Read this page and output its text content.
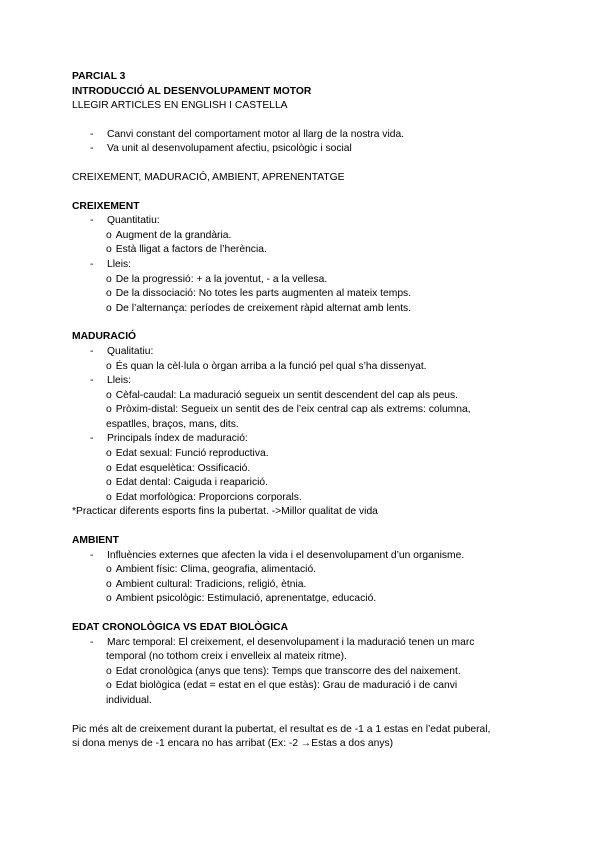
PARCIAL 3
INTRODUCCIÓ AL DESENVOLUPAMENT MOTOR
LLEGIR ARTICLES EN ENGLISH I CASTELLA
- Canvi constant del comportament motor al llarg de la nostra vida.
- Va unit al desenvolupament afectiu, psicològic i social
CREIXEMENT, MADURACIÓ, AMBIENT, APRENENTATGE
CREIXEMENT
- Quantitatiu:
o Augment de la grandària.
o Està lligat a factors de l’herència.
- Lleis:
o De la progressió: + a la joventut, - a la vellesa.
o De la dissociació: No totes les parts augmenten al mateix temps.
o De l’alternança: períodes de creixement ràpid alternat amb lents.
MADURACIÓ
- Qualitatiu:
o És quan la cèl·lula o òrgan arriba a la funció pel qual s’ha dissenyat.
- Lleis:
o Cèfal-caudal: La maduració segueix un sentit descendent del cap als peus.
o Pròxim-distal: Segueix un sentit des de l’eix central cap als extrems: columna,
espatlles, braços, mans, dits.
- Principals índex de maduració:
o Edat sexual: Funció reproductiva.
o Edat esquelètica: Ossificació.
o Edat dental: Caiguda i reaparició.
o Edat morfològica: Proporcions corporals.
*Practicar diferents esports fins la pubertat. ->Millor qualitat de vida
AMBIENT
- Influències externes que afecten la vida i el desenvolupament d’un organisme.
o Ambient físic: Clima, geografia, alimentació.
o Ambient cultural: Tradicions, religió, ètnia.
o Ambient psicològic: Estimulació, aprenentatge, educació.
EDAT CRONOLÒGICA VS EDAT BIOLÒGICA
- Marc temporal: El creixement, el desenvolupament i la maduració tenen un marc
temporal (no tothom creix i envelleix al mateix ritme).
o Edat cronològica (anys que tens): Temps que transcorre des del naixement.
o Edat biològica (edat = estat en el que estàs): Grau de maduració i de canvi
individual.
Pic més alt de creixement durant la pubertat, el resultat es de -1 a 1 estas en l’edat puberal,
si dona menys de -1 encara no has arribat (Ex: -2 →Estas a dos anys)
